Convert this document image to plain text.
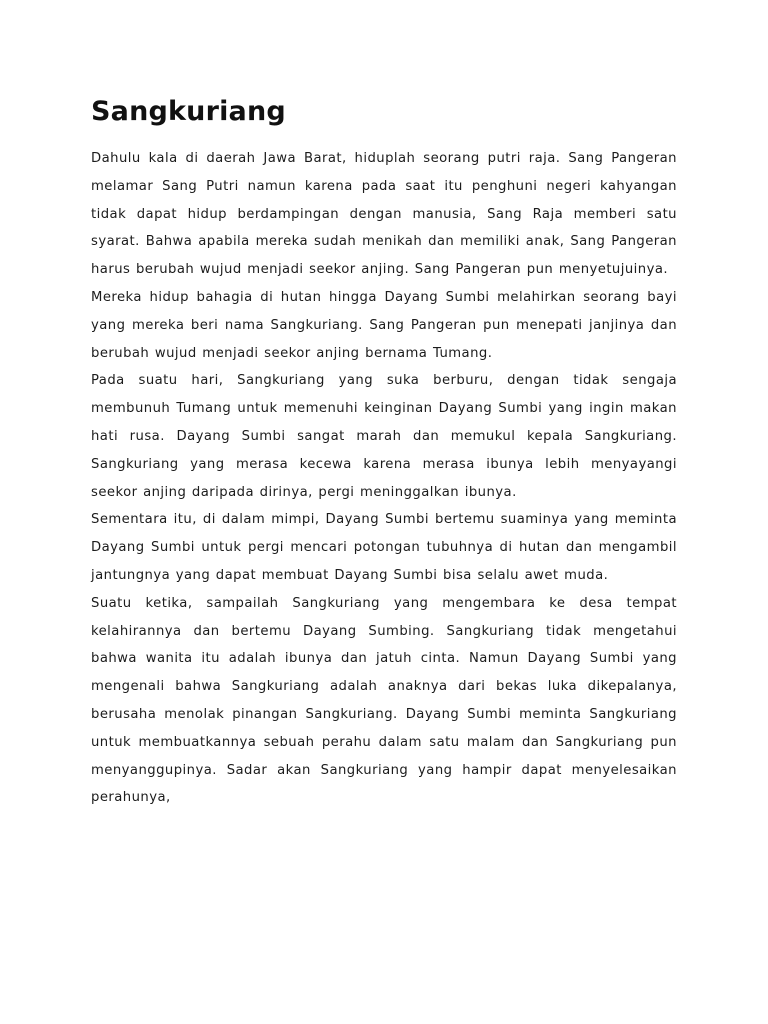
Sangkuriang

Dahulu kala di daerah Jawa Barat, hiduplah seorang putri raja. Sang Pangeran melamar Sang Putri namun karena pada saat itu penghuni negeri kahyangan tidak dapat hidup berdampingan dengan manusia, Sang Raja memberi satu syarat. Bahwa apabila mereka sudah menikah dan memiliki anak, Sang Pangeran harus berubah wujud menjadi seekor anjing. Sang Pangeran pun menyetujuinya.

Mereka hidup bahagia di hutan hingga Dayang Sumbi melahirkan seorang bayi yang mereka beri nama Sangkuriang. Sang Pangeran pun menepati janjinya dan berubah wujud menjadi seekor anjing bernama Tumang.

Pada suatu hari, Sangkuriang yang suka berburu, dengan tidak sengaja membunuh Tumang untuk memenuhi keinginan Dayang Sumbi yang ingin makan hati rusa. Dayang Sumbi sangat marah dan memukul kepala Sangkuriang. Sangkuriang yang merasa kecewa karena merasa ibunya lebih menyayangi seekor anjing daripada dirinya, pergi meninggalkan ibunya.

Sementara itu, di dalam mimpi, Dayang Sumbi bertemu suaminya yang meminta Dayang Sumbi untuk pergi mencari potongan tubuhnya di hutan dan mengambil jantungnya yang dapat membuat Dayang Sumbi bisa selalu awet muda.

Suatu ketika, sampailah Sangkuriang yang mengembara ke desa tempat kelahirannya dan bertemu Dayang Sumbing. Sangkuriang tidak mengetahui bahwa wanita itu adalah ibunya dan jatuh cinta. Namun Dayang Sumbi yang mengenali bahwa Sangkuriang adalah anaknya dari bekas luka dikepalanya, berusaha menolak pinangan Sangkuriang. Dayang Sumbi meminta Sangkuriang untuk membuatkannya sebuah perahu dalam satu malam dan Sangkuriang pun menyanggupinya. Sadar akan Sangkuriang yang hampir dapat menyelesaikan perahunya,
